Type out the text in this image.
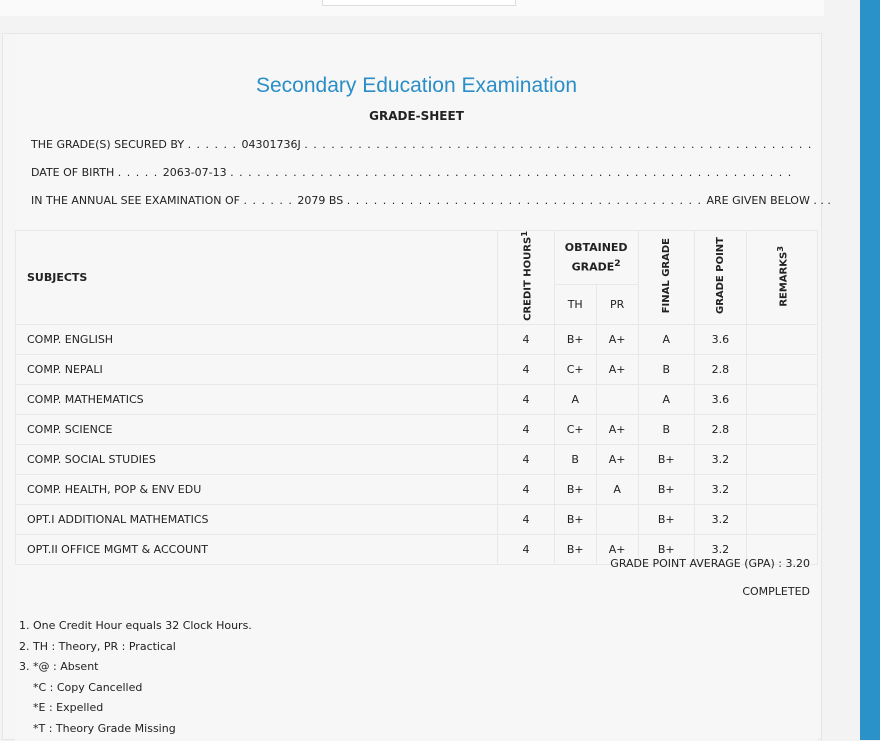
Secondary Education Examination
GRADE-SHEET
THE GRADE(S) SECURED BY . . . . . . 04301736J . . . . . . . . . . . . . . . . . . . . . . . . . . . . . . . . . . . . . . . . . . . . . . . . . . . . . . . . .
DATE OF BIRTH . . . . . 2063-07-13 . . . . . . . . . . . . . . . . . . . . . . . . . . . . . . . . . . . . . . . . . . . . . . . . . . . . . . . . . . . . . . .
IN THE ANNUAL SEE EXAMINATION OF . . . . . . 2079 BS . . . . . . . . . . . . . . . . . . . . . . . . . . . . . . . . . . . . . . . . ARE GIVEN BELOW . . .
SUBJECTS	CREDIT HOURS$^1$	OBTAINED GRADE$^2$		FINAL GRADE	GRADE POINT	REMARKS$^3$
		TH	PR			
COMP. ENGLISH	4	B+	A+	A	3.6	
COMP. NEPALI	4	C+	A+	B	2.8	
COMP. MATHEMATICS	4	A		A	3.6	
COMP. SCIENCE	4	C+	A+	B	2.8	
COMP. SOCIAL STUDIES	4	B	A+	B+	3.2	
COMP. HEALTH, POP & ENV EDU	4	B+	A	B+	3.2	
OPT.I ADDITIONAL MATHEMATICS	4	B+		B+	3.2	
OPT.II OFFICE MGMT & ACCOUNT	4	B+	A+	B+	3.2	
GRADE POINT AVERAGE (GPA) : 3.20
COMPLETED
1. One Credit Hour equals 32 Clock Hours.
2. TH : Theory, PR : Practical
3. *@ : Absent
*C : Copy Cancelled
*E : Expelled
*T : Theory Grade Missing
